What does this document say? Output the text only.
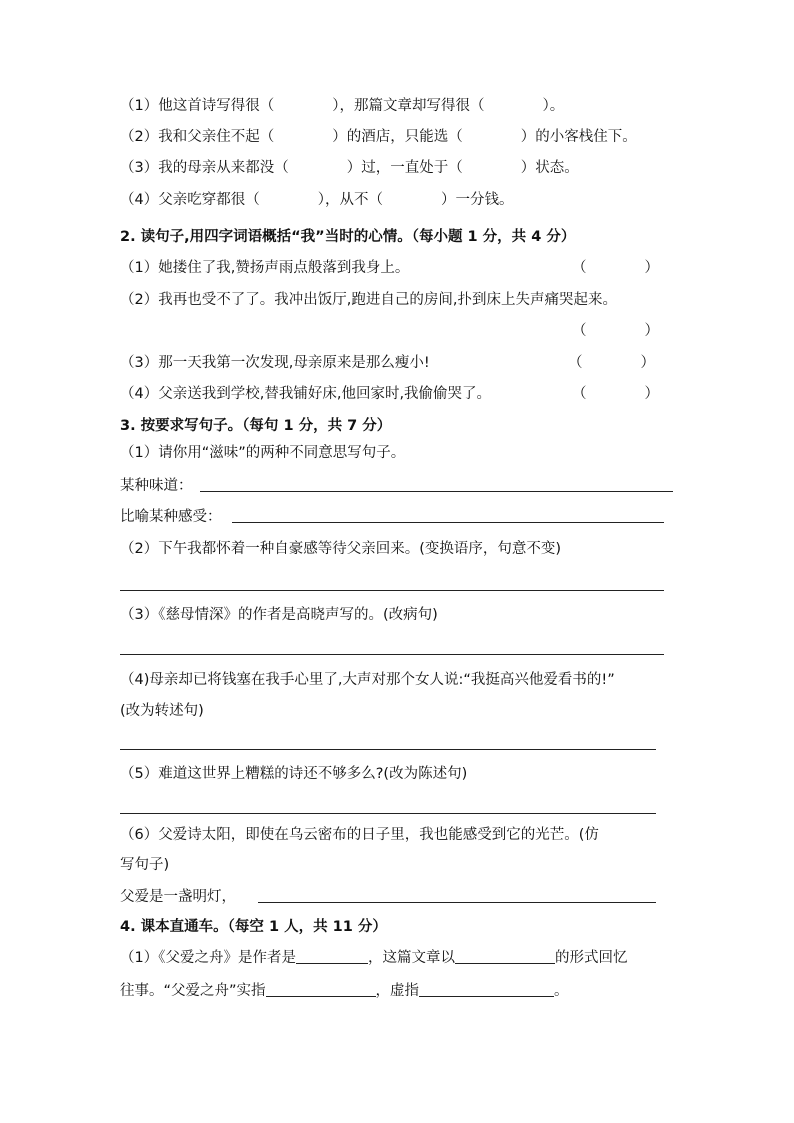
（1）他这首诗写得很（　　　　），那篇文章却写得很（　　　　）。
（2）我和父亲住不起（　　　　）的酒店，只能选（　　　　）的小客栈住下。
（3）我的母亲从来都没（　　　　）过，一直处于（　　　　）状态。
（4）父亲吃穿都很（　　　　），从不（　　　　）一分钱。
2. 读句子,用四字词语概括“我”当时的心情。（每小题 1 分，共 4 分）
（1）她搂住了我,赞扬声雨点般落到我身上。	（　　　　）
（2）我再也受不了了。我冲出饭厅,跑进自己的房间,扑到床上失声痛哭起来。
（　　　　）
（3）那一天我第一次发现,母亲原来是那么瘦小!	（　　　　）
（4）父亲送我到学校,替我铺好床,他回家时,我偷偷哭了。	（　　　　）
3. 按要求写句子。（每句 1 分，共 7 分）
（1）请你用“滋味”的两种不同意思写句子。
某种味道：
比喻某种感受：
（2）下午我都怀着一种自豪感等待父亲回来。(变换语序，句意不变)
（3）《慈母情深》的作者是高晓声写的。(改病句)
（4)母亲却已将钱塞在我手心里了,大声对那个女人说:“我挺高兴他爱看书的!”
(改为转述句)
（5）难道这世界上糟糕的诗还不够多么?(改为陈述句)
（6）父爱诗太阳，即使在乌云密布的日子里，我也能感受到它的光芒。(仿
写句子)
父爱是一盏明灯，
4. 课本直通车。（每空 1 人，共 11 分）
（1）《父爱之舟》是作者是	，这篇文章以	的形式回忆
往事。“父爱之舟”实指	，虚指	。
